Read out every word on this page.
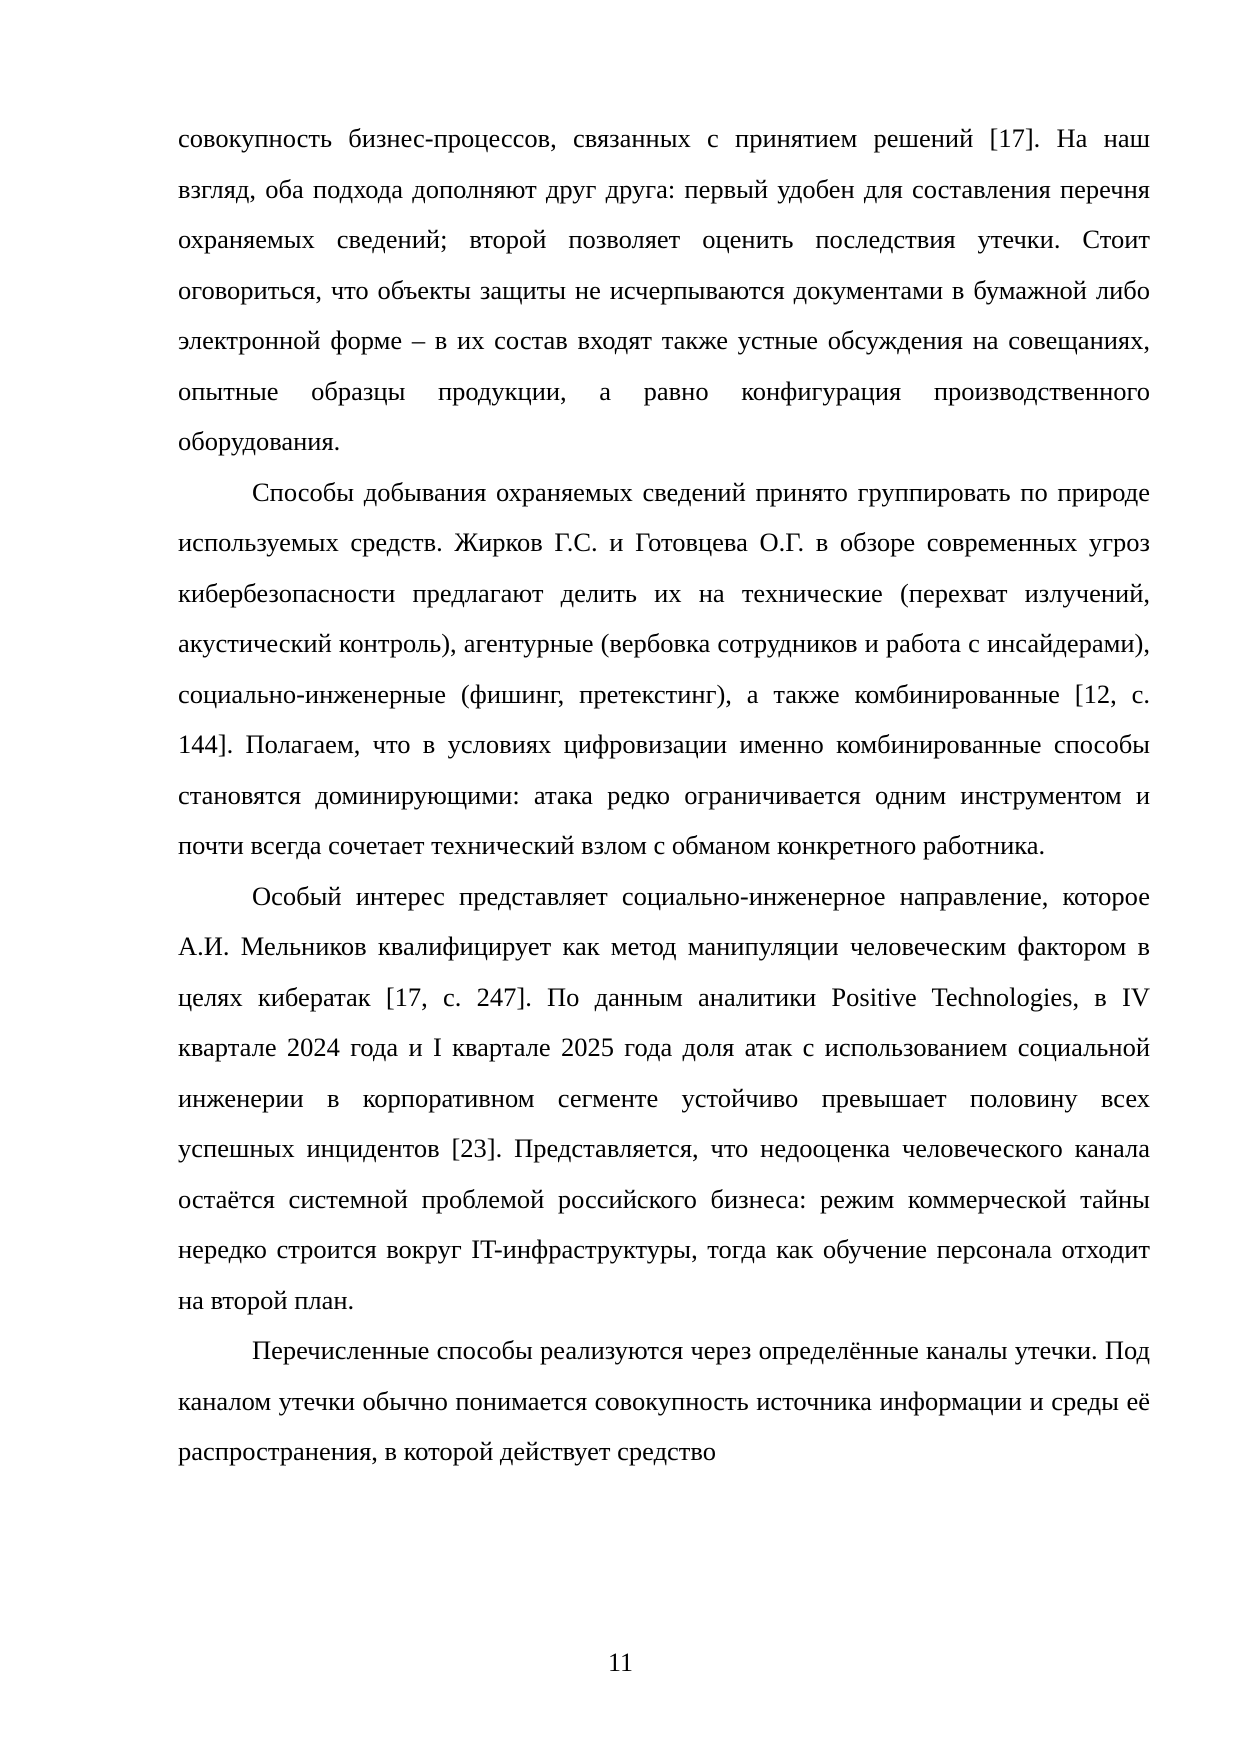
совокупность бизнес-процессов, связанных с принятием решений [17]. На наш взгляд, оба подхода дополняют друг друга: первый удобен для составления перечня охраняемых сведений; второй позволяет оценить последствия утечки. Стоит оговориться, что объекты защиты не исчерпываются документами в бумажной либо электронной форме – в их состав входят также устные обсуждения на совещаниях, опытные образцы продукции, а равно конфигурация производственного оборудования.

Способы добывания охраняемых сведений принято группировать по природе используемых средств. Жирков Г.С. и Готовцева О.Г. в обзоре современных угроз кибербезопасности предлагают делить их на технические (перехват излучений, акустический контроль), агентурные (вербовка сотрудников и работа с инсайдерами), социально-инженерные (фишинг, претекстинг), а также комбинированные [12, с. 144]. Полагаем, что в условиях цифровизации именно комбинированные способы становятся доминирующими: атака редко ограничивается одним инструментом и почти всегда сочетает технический взлом с обманом конкретного работника.

Особый интерес представляет социально-инженерное направление, которое А.И. Мельников квалифицирует как метод манипуляции человеческим фактором в целях кибератак [17, с. 247]. По данным аналитики Positive Technologies, в IV квартале 2024 года и I квартале 2025 года доля атак с использованием социальной инженерии в корпоративном сегменте устойчиво превышает половину всех успешных инцидентов [23]. Представляется, что недооценка человеческого канала остаётся системной проблемой российского бизнеса: режим коммерческой тайны нередко строится вокруг IT-инфраструктуры, тогда как обучение персонала отходит на второй план.

Перечисленные способы реализуются через определённые каналы утечки. Под каналом утечки обычно понимается совокупность источника информации и среды её распространения, в которой действует средство

11
